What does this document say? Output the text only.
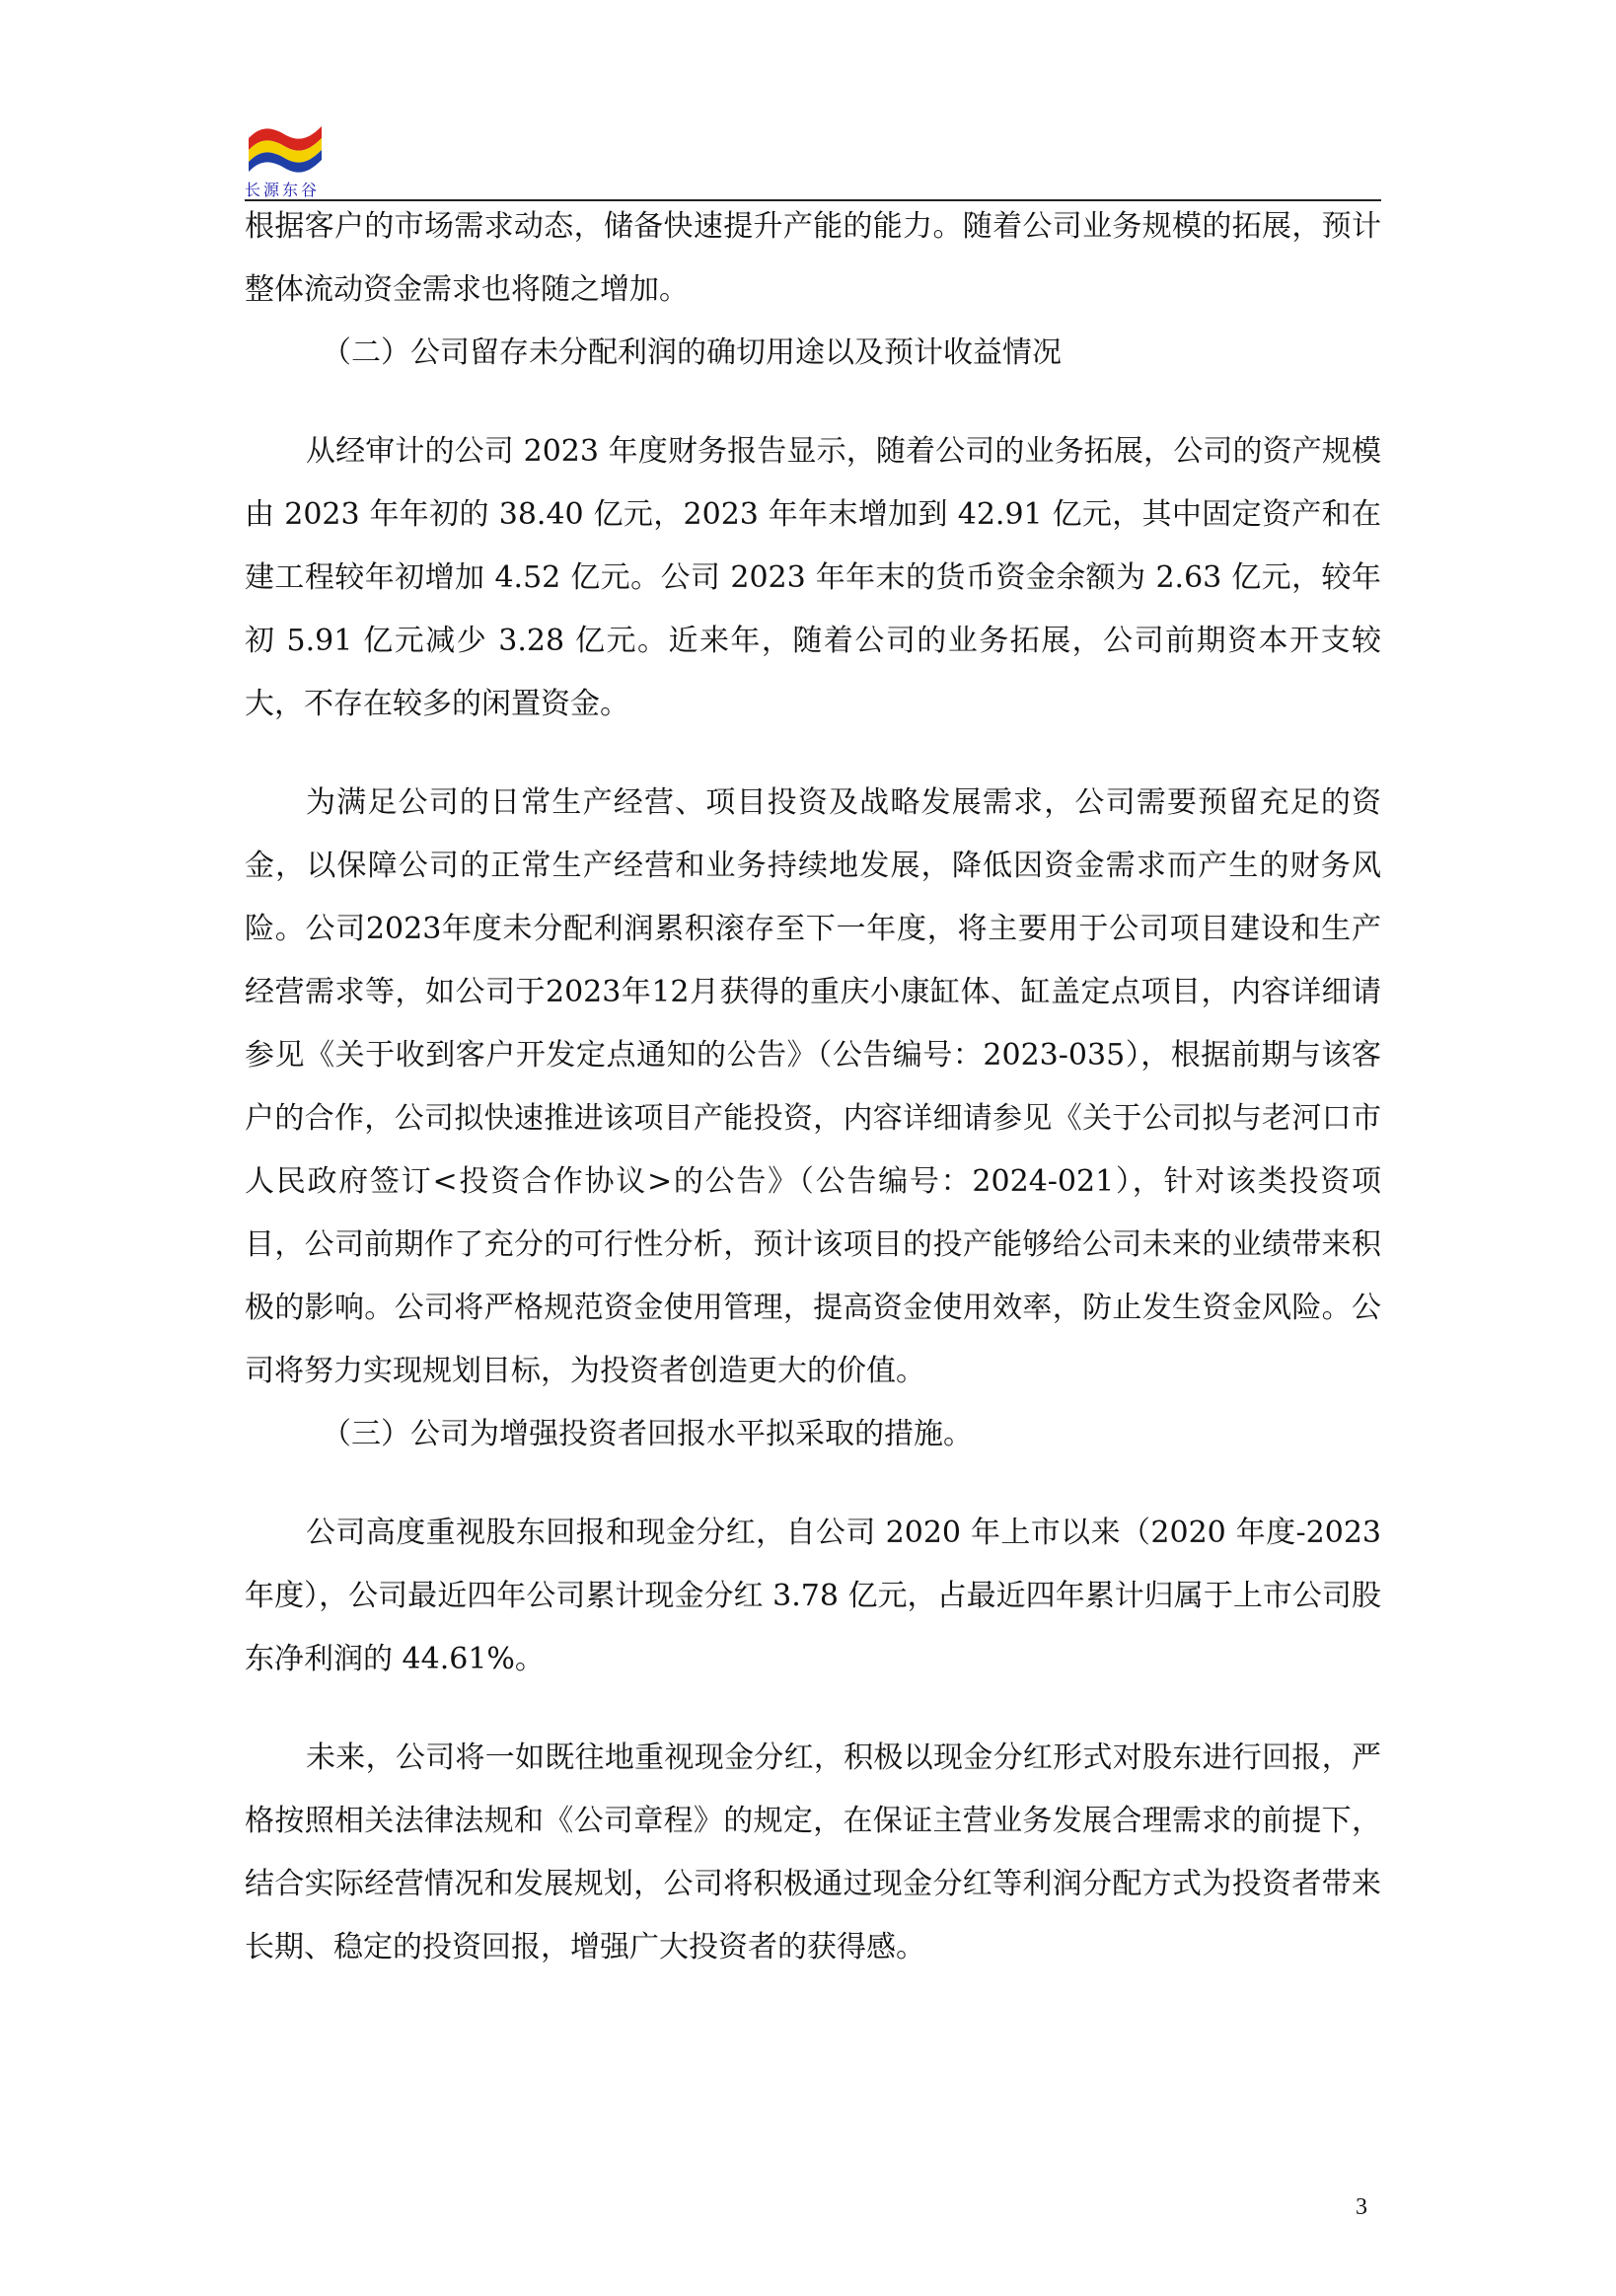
长源东谷

根据客户的市场需求动态，储备快速提升产能的能力。随着公司业务规模的拓展，预计整体流动资金需求也将随之增加。

（二）公司留存未分配利润的确切用途以及预计收益情况

从经审计的公司 2023 年度财务报告显示，随着公司的业务拓展，公司的资产规模由 2023 年年初的 38.40 亿元，2023 年年末增加到 42.91 亿元，其中固定资产和在建工程较年初增加 4.52 亿元。公司 2023 年年末的货币资金余额为 2.63 亿元，较年初 5.91 亿元减少 3.28 亿元。近来年，随着公司的业务拓展，公司前期资本开支较大，不存在较多的闲置资金。

为满足公司的日常生产经营、项目投资及战略发展需求，公司需要预留充足的资金，以保障公司的正常生产经营和业务持续地发展，降低因资金需求而产生的财务风险。公司2023年度未分配利润累积滚存至下一年度，将主要用于公司项目建设和生产经营需求等，如公司于2023年12月获得的重庆小康缸体、缸盖定点项目，内容详细请参见《关于收到客户开发定点通知的公告》（公告编号：2023-035），根据前期与该客户的合作，公司拟快速推进该项目产能投资，内容详细请参见《关于公司拟与老河口市人民政府签订<投资合作协议>的公告》（公告编号：2024-021），针对该类投资项目，公司前期作了充分的可行性分析，预计该项目的投产能够给公司未来的业绩带来积极的影响。公司将严格规范资金使用管理，提高资金使用效率，防止发生资金风险。公司将努力实现规划目标，为投资者创造更大的价值。

（三）公司为增强投资者回报水平拟采取的措施。

公司高度重视股东回报和现金分红，自公司 2020 年上市以来（2020 年度-2023 年度），公司最近四年公司累计现金分红 3.78 亿元，占最近四年累计归属于上市公司股东净利润的 44.61%。

未来，公司将一如既往地重视现金分红，积极以现金分红形式对股东进行回报，严格按照相关法律法规和《公司章程》的规定，在保证主营业务发展合理需求的前提下，结合实际经营情况和发展规划，公司将积极通过现金分红等利润分配方式为投资者带来长期、稳定的投资回报，增强广大投资者的获得感。

3
